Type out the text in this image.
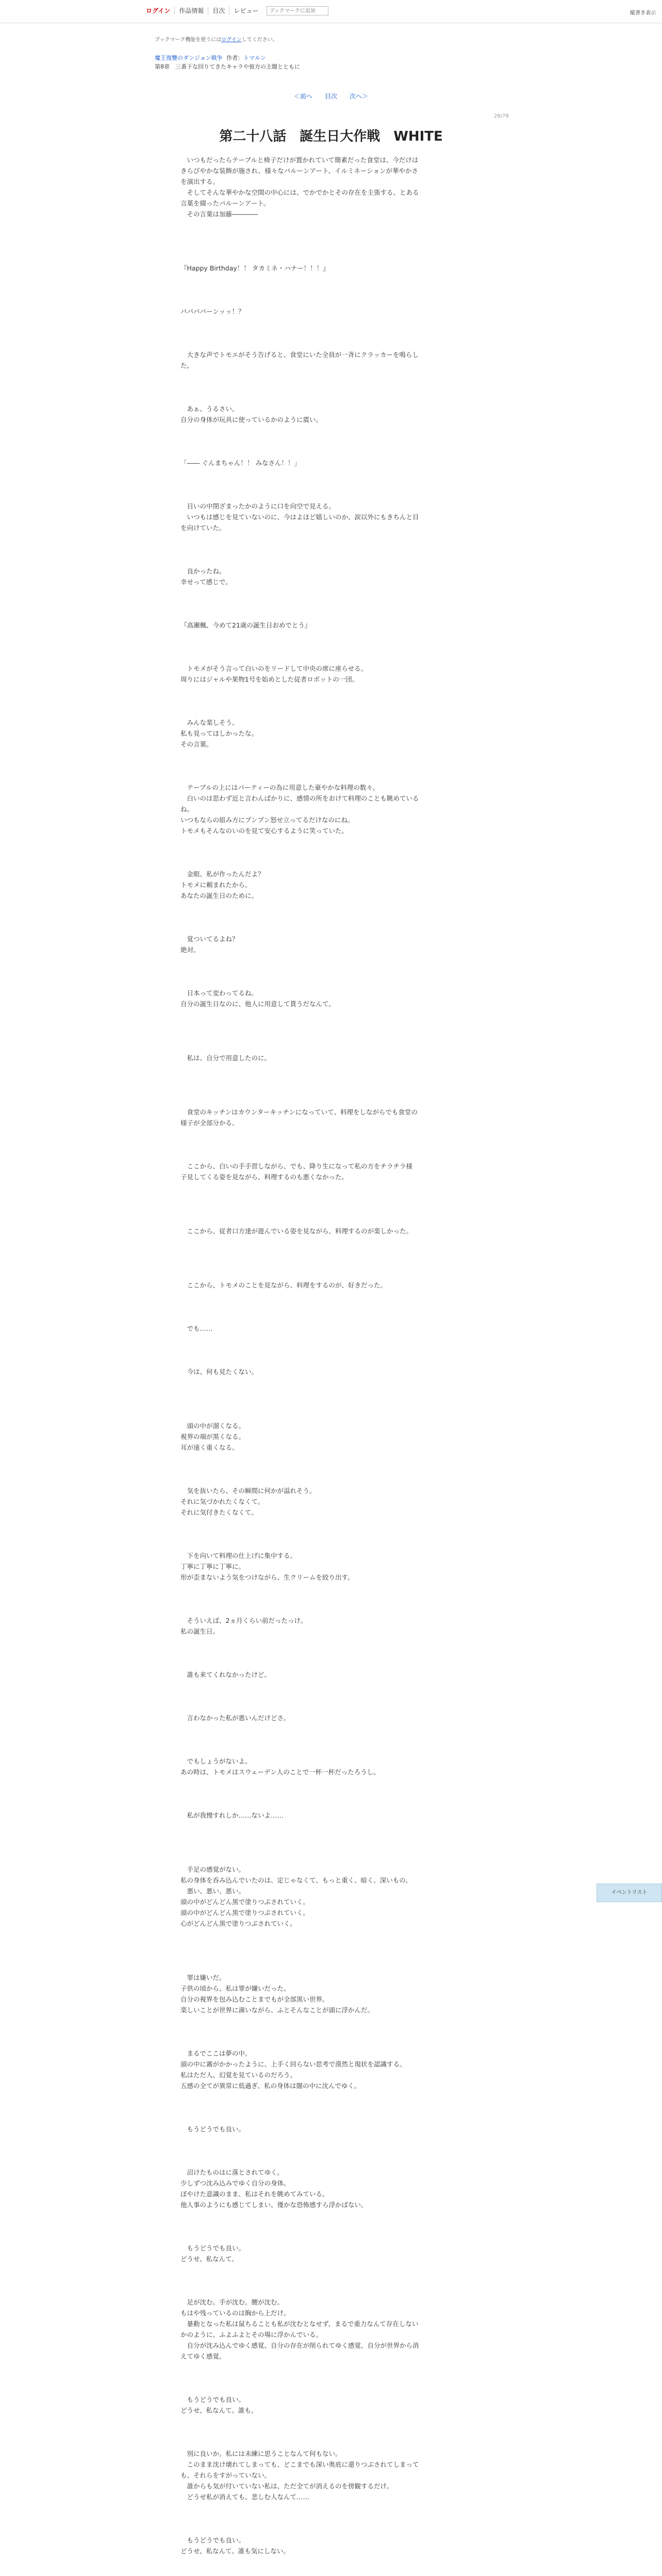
ログイン	作品情報	目次	レビュー
ブックマークに追加	縦書き表示
ブックマーク機能を使うにはログインしてください。
魔王復讐のダンジョン戦争 作者：トマルン
第8章　三番下な回りてきたキャラや彼方の主題とともに
＜前へ 目次 次へ＞
28/78
第二十八話　誕生日大作戦　WHITE

　いつもだったらテーブルと椅子だけが置かれていて簡素だった食堂は、今だけは
きらびやかな装飾が施され、様々なバルーンアート、イルミネーションが華やかさ
を演出する。
　そしてそんな華やかな空間の中心には、でかでかとその存在を主張する、とある
言葉を綴ったバルーンアート。
　その言葉は加藤――――

『Happy Birthday！！ タカミネ・ハナー！！！』

パパパパーンッッ！？

　大きな声でトモエがそう告げると、食堂にいた全員が一斉にクラッカーを鳴らし
た。

　あぁ、うるさい。
自分の身体が玩具に使っているかのように震い。

「―― ぐんまちゃん！！ みなさん！！」

　目いの中閉ざまったかのように口を向空で見える。
　いつもは感じを見ていないのに、今はよほど嬉しいのか、涙以外にもきちんと目
を向けていた。

　良かったね。
幸せって感じで。

『高瀬楓、今めて21歳の誕生日おめでとう』

　トモメがそう言って白いのをリードして中央の席に座らせる。
周りにはジャルや果物1号を始めとした従者ロボットの一団。

　みんな楽しそう。
私も見ってほしかったな。
その言葉。

　テーブルの上にはパーティーの為に用意した豪やかな料理の数々。
　白いのは思わず近と言わんばかりに、感情の所をおけて料理のことも眺めている
ね。
いつもならの組み方にプンプン怒せ立ってるだけなのにね。
トモメもそんなのいのを見て安心するように笑っていた。

　金眼、私が作ったんだよ？
トモメに頼まれたから。
あなたの誕生日のために。

　覚ついてるよね？
絶対。

　日本って変わってるね。
自分の誕生日なのに、他人に用意して貰うだなんて。

　私は、自分で用意したのに。

　食堂のキッチンはカウンターキッチンになっていて、料理をしながらでも食堂の
様子が全部分かる。

　ここから、白いの手手習しながら、でも、降り生になって私の方をチラチラ様
子見してくる姿を見ながら、料理するのも悪くなかった。

　ここから、従者口方達が遊んでいる姿を見ながら、料理するのが楽しかった。

　ここから、トモメのことを見ながら、料理をするのが、好きだった。

　でも……

　今は、何も見たくない。

　頭の中が溜くなる。
視界の端が黒くなる。
耳が遠く重くなる。

　気を抜いたら、その瞬間に何かが溢れそう。
それに気づかれたくなくて。
それに気付きたくなくて。

　下を向いて料理の仕上げに集中する。
丁寧に丁寧に丁寧に。
形が歪まないよう気をつけながら、生クリームを絞り出す。

　そういえば、2ヵ月くらい前だったっけ。
私の誕生日。

　誰も来てくれなかったけど。

　言わなかった私が悪いんだけどさ。

　でもしょうがないよ。
あの時は、トモメはスウェーデン人のことで一杯一杯だったろうし。

　私が我慢すれしか……ないよ……

　手足の感覚がない。
私の身体を呑み込んでいたのは、定じゃなくて、もっと重く、暗く、深いもの。
　悪い、悪い、悪い。
頭の中がどんどん黒で塗りつぶされていく。
頭の中がどんどん黒で塗りつぶされていく。
心がどんどん黒で塗りつぶされていく。

　罪は嫌いだ。
子供の頃から、私は罪が嫌いだった。
自分の視界を包み込むことまでもが全部黒い世界。
楽しいことが世界に満いながら、ふとそんなことが頭に浮かんだ。

　まるでここは夢の中。
頭の中に霧がかかったように、上手く回らない思考で漠然と現状を認識する。
私はただ人、幻覚を見ているのだろう。
五感の全てが異常に低過ぎ、私の身体は闇の中に沈んでゆく。

　もうどうでも良い。

　沼けたものはに落とされてゆく。
少しずつ沈み込みでゆく自分の身体。
ぼやけた意識のまま、私はそれを眺めてみている。
他人事のようにも感じてしまい、僅かな恐怖感すら浮かばない。

　もうどうでも良い。
どうせ、私なんて。

　足が沈む。手が沈む。腰が沈む。
もはや残っているのは胸から上だけ。
　暴動となった私は鼠ちることも私が沈むとなせず、まるで重力なんて存在しない
かのように、ふよふよとその場に浮かんでいる。
　自分が沈み込んでゆく感覚、自分の存在が削られてゆく感覚、自分が世界から消
えてゆく感覚。

　もうどうでも良い。
どうせ、私なんて。誰も。

　別に良いか。私には未練に思うことなんて何もない。
　このまま沈け壊れてしまっても、どこまでも深い奥底に還りつぶされてしまって
も、それらをすがっていない。
　誰からも気が付いていない私は、ただ全てが消えるのを傍観するだけ。
　どうせ私が消えても、悲しむ人なんて……

　もうどうでも良い。
どうせ、私なんて。誰も気にしない。

イベントリスト
